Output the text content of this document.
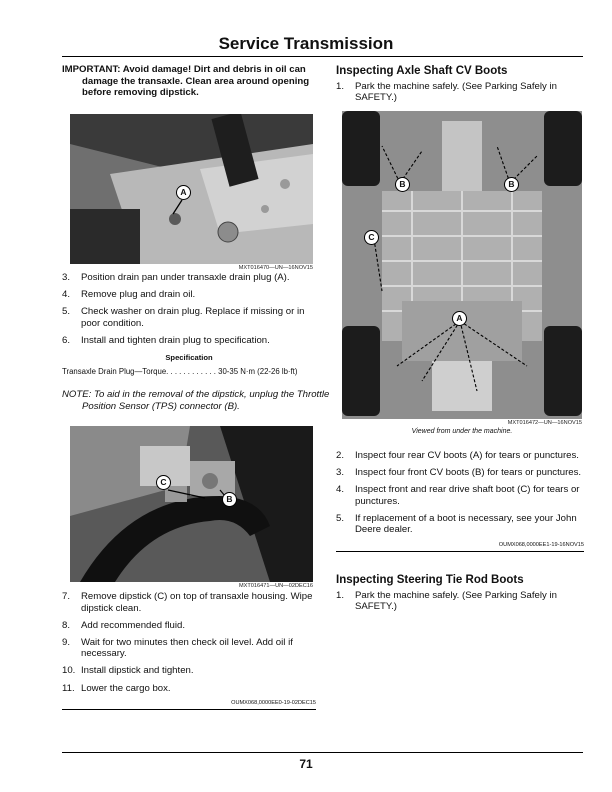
Service Transmission
IMPORTANT: Avoid damage! Dirt and debris in oil can damage the transaxle. Clean area around opening before removing dipstick.
A
MXT016470—UN—16NOV15
3. Position drain pan under transaxle drain plug (A).
4. Remove plug and drain oil.
5. Check washer on drain plug. Replace if missing or in poor condition.
6. Install and tighten drain plug to specification.
Specification
Transaxle Drain Plug—Torque. . . . . . . . . . . . 30-35 N·m (22-26 lb·ft)
NOTE: To aid in the removal of the dipstick, unplug the Throttle Position Sensor (TPS) connector (B).
C
B
MXT016471—UN—02DEC16
7. Remove dipstick (C) on top of transaxle housing. Wipe dipstick clean.
8. Add recommended fluid.
9. Wait for two minutes then check oil level. Add oil if necessary.
10. Install dipstick and tighten.
11. Lower the cargo box.
OUMX068,0000EE0-19-02DEC15
Inspecting Axle Shaft CV Boots
1. Park the machine safely. (See Parking Safely in SAFETY.)
B	B
C
A
MXT016472—UN—16NOV15
Viewed from under the machine.
2. Inspect four rear CV boots (A) for tears or punctures.
3. Inspect four front CV boots (B) for tears or punctures.
4. Inspect front and rear drive shaft boot (C) for tears or punctures.
5. If replacement of a boot is necessary, see your John Deere dealer.
OUMX068,0000EE1-19-16NOV15
Inspecting Steering Tie Rod Boots
1. Park the machine safely. (See Parking Safely in SAFETY.)
71
